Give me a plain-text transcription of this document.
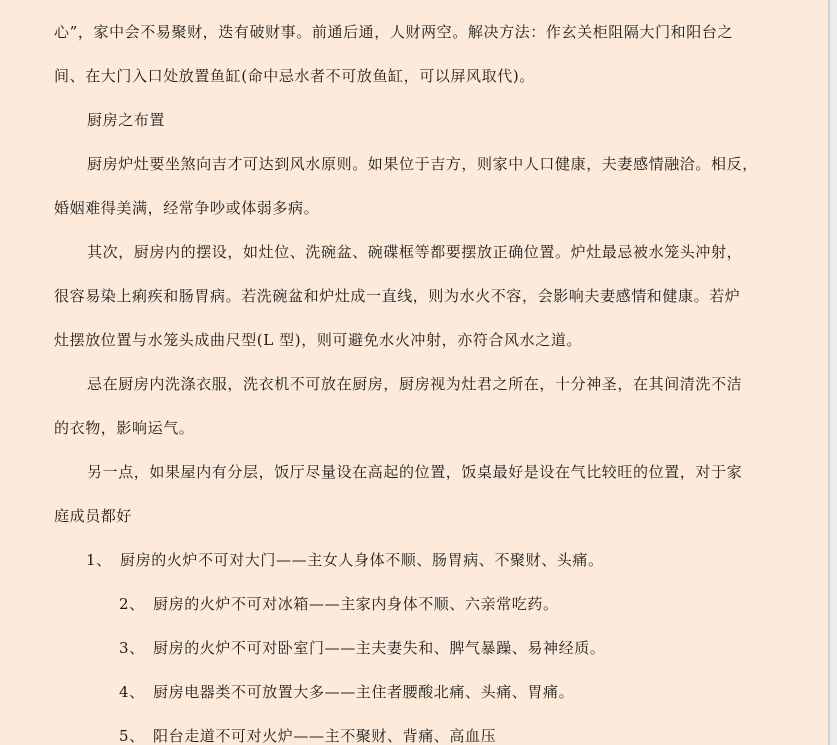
心”，家中会不易聚财，迭有破财事。前通后通，人财两空。解决方法：作玄关柜阻隔大门和阳台之
间、在大门入口处放置鱼缸(命中忌水者不可放鱼缸，可以屏风取代)。
厨房之布置
厨房炉灶要坐煞向吉才可达到风水原则。如果位于吉方，则家中人口健康，夫妻感情融洽。相反，
婚姻难得美满，经常争吵或体弱多病。
其次，厨房内的摆设，如灶位、洗碗盆、碗碟框等都要摆放正确位置。炉灶最忌被水笼头冲射，
很容易染上痢疾和肠胃病。若洗碗盆和炉灶成一直线，则为水火不容，会影响夫妻感情和健康。若炉
灶摆放位置与水笼头成曲尺型(L 型)，则可避免水火冲射，亦符合风水之道。
忌在厨房内洗涤衣服，洗衣机不可放在厨房，厨房视为灶君之所在，十分神圣，在其间清洗不洁
的衣物，影响运气。
另一点，如果屋内有分层，饭厅尽量设在高起的位置，饭桌最好是设在气比较旺的位置，对于家
庭成员都好
1、 厨房的火炉不可对大门——主女人身体不顺、肠胃病、不聚财、头痛。
2、 厨房的火炉不可对冰箱——主家内身体不顺、六亲常吃药。
3、 厨房的火炉不可对卧室门——主夫妻失和、脾气暴躁、易神经质。
4、 厨房电器类不可放置大多——主住者腰酸北痛、头痛、胃痛。
5、 阳台走道不可对火炉——主不聚财、背痛、高血压
